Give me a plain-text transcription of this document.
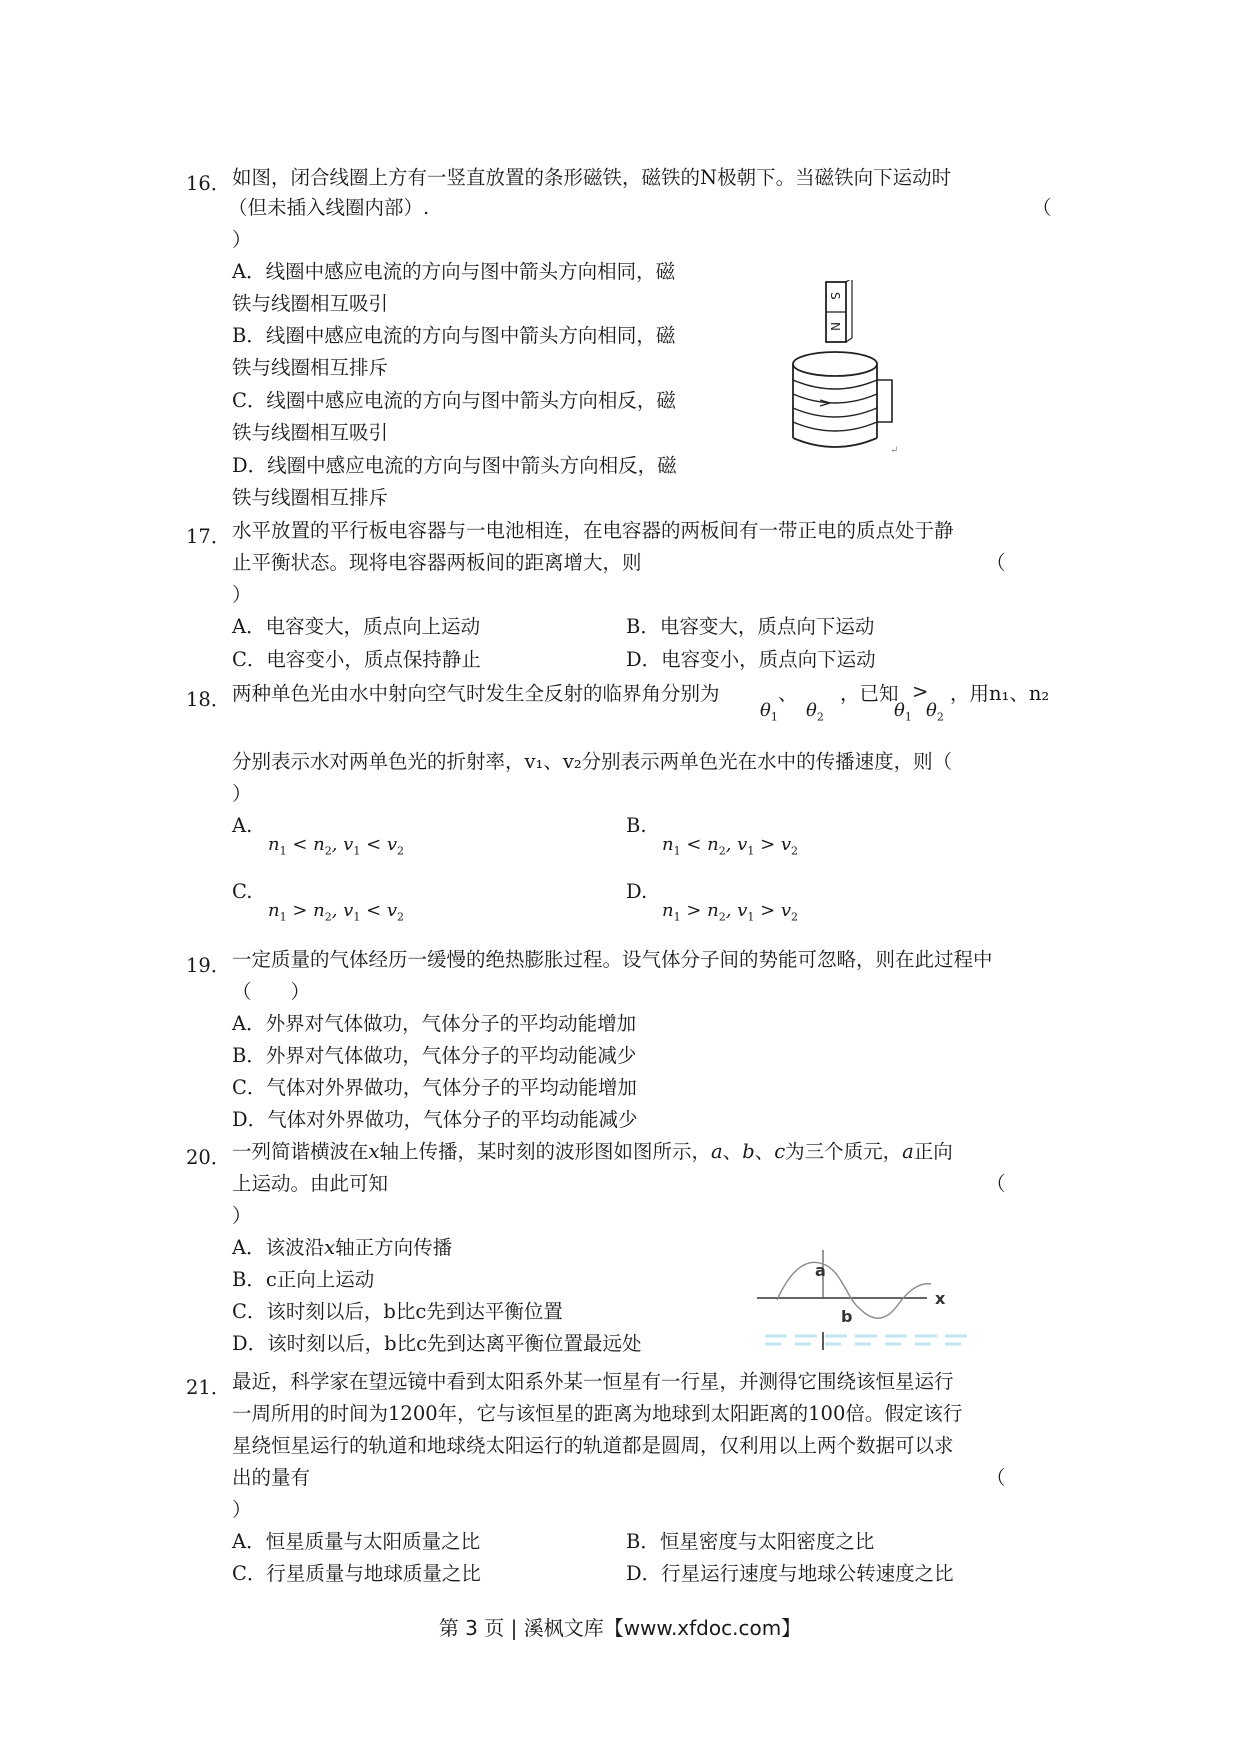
16． 如图，闭合线圈上方有一竖直放置的条形磁铁，磁铁的N极朝下。当磁铁向下运动时
（但未插入线圈内部）.	（
）
A．线圈中感应电流的方向与图中箭头方向相同，磁
铁与线圈相互吸引
B．线圈中感应电流的方向与图中箭头方向相同，磁
铁与线圈相互排斥
C．线圈中感应电流的方向与图中箭头方向相反，磁
铁与线圈相互吸引
D．线圈中感应电流的方向与图中箭头方向相反，磁
铁与线圈相互排斥
S
N
↵
17． 水平放置的平行板电容器与一电池相连，在电容器的两板间有一带正电的质点处于静
止平衡状态。现将电容器两板间的距离增大，则	（
）
A．电容变大，质点向上运动	B．电容变大，质点向下运动
C．电容变小，质点保持静止	D．电容变小，质点向下运动
18． 两种单色光由水中射向空气时发生全反射的临界角分别为
$\theta_1$
、
$\theta_2$
，已知
$\theta_1$
>
$\theta_2$
，用n₁、n₂
分别表示水对两单色光的折射率，v₁、v₂分别表示两单色光在水中的传播速度，则（
）
A.
$n_1 < n_2$, $v_1 < v_2$
B.
$n_1 < n_2$, $v_1 > v_2$
C.
$n_1 > n_2$, $v_1 < v_2$
D.
$n_1 > n_2$, $v_1 > v_2$
19． 一定质量的气体经历一缓慢的绝热膨胀过程。设气体分子间的势能可忽略，则在此过程中
（　　）
A．外界对气体做功，气体分子的平均动能增加
B．外界对气体做功，气体分子的平均动能减少
C．气体对外界做功，气体分子的平均动能增加
D．气体对外界做功，气体分子的平均动能减少
20． 一列简谐横波在x轴上传播，某时刻的波形图如图所示，a、b、c为三个质元，a正向
上运动。由此可知	（
）
A．该波沿x轴正方向传播
B．c正向上运动
C．该时刻以后，b比c先到达平衡位置
D．该时刻以后，b比c先到达离平衡位置最远处
a
b
x
21． 最近，科学家在望远镜中看到太阳系外某一恒星有一行星，并测得它围绕该恒星运行
一周所用的时间为1200年，它与该恒星的距离为地球到太阳距离的100倍。假定该行
星绕恒星运行的轨道和地球绕太阳运行的轨道都是圆周，仅利用以上两个数据可以求
出的量有	（
）
A．恒星质量与太阳质量之比	B．恒星密度与太阳密度之比
C．行星质量与地球质量之比	D．行星运行速度与地球公转速度之比
第 3 页 | 溪枫文库【www.xfdoc.com】
